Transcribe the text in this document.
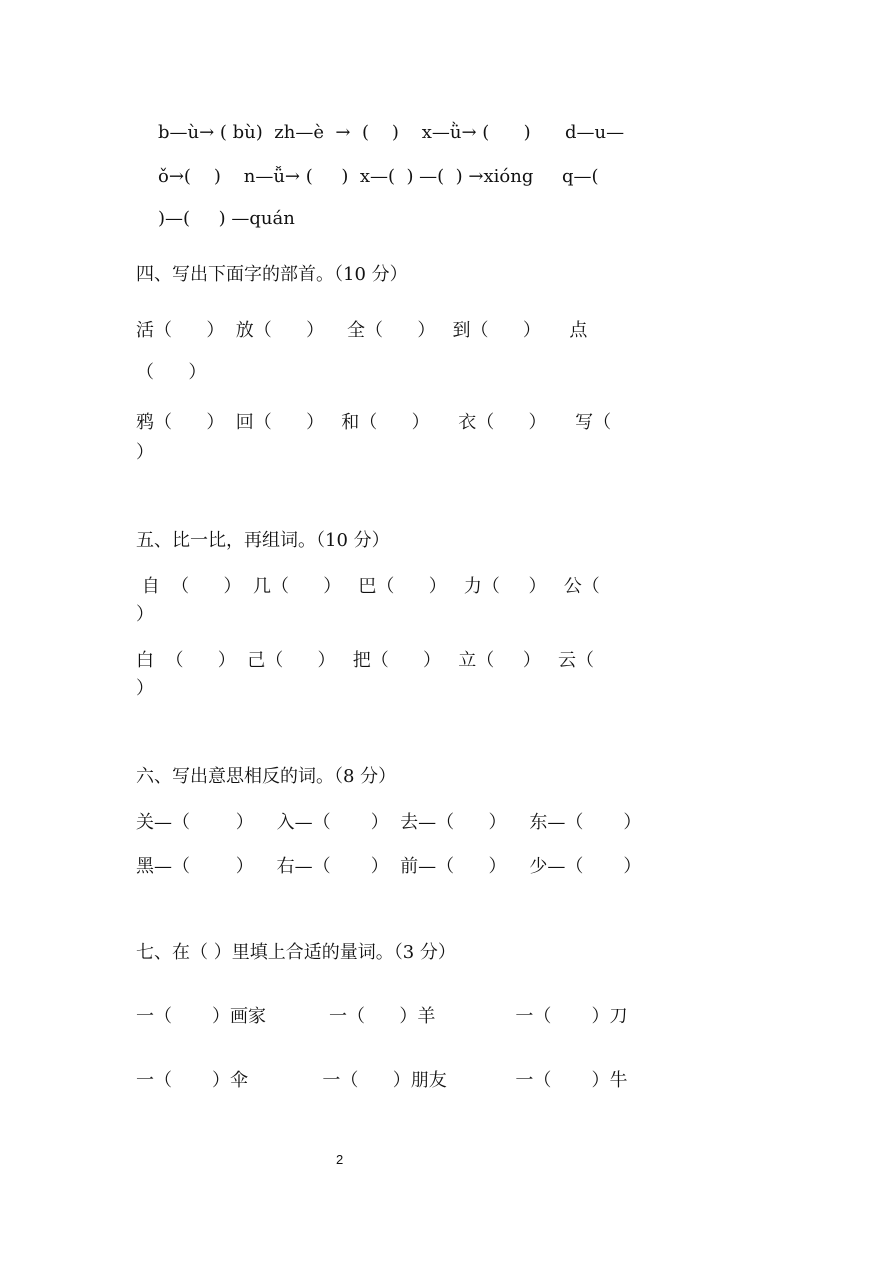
b—ù→ ( bù)  zh—è  →  (    )    x—ǜ→ (      )      d—u—
ǒ→(    )    n—ǚ→ (     )  x—(  ) —(  ) →xióng     q—(
)—(     ) —quán
四、写出下面字的部首。（10 分）
活（      ）  放（      ）    全（      ）   到（      ）     点
（      ）
鸦（      ）  回（      ）   和（      ）     衣（      ）     写（
）
五、比一比，再组词。（10 分）
自  （      ）  几（      ）   巴（      ）   力（     ）   公（
）
白  （      ）  己（      ）   把（      ）   立（     ）   云（
）
六、写出意思相反的词。（8 分）
关—（        ）    入—（       ）  去—（      ）    东—（       ）
黑—（        ）    右—（       ）  前—（      ）    少—（       ）
七、在（ ）里填上合适的量词。（3 分）
一（       ）画家           一（      ）羊              一（       ）刀
一（       ）伞             一（      ）朋友            一（       ）牛
2
